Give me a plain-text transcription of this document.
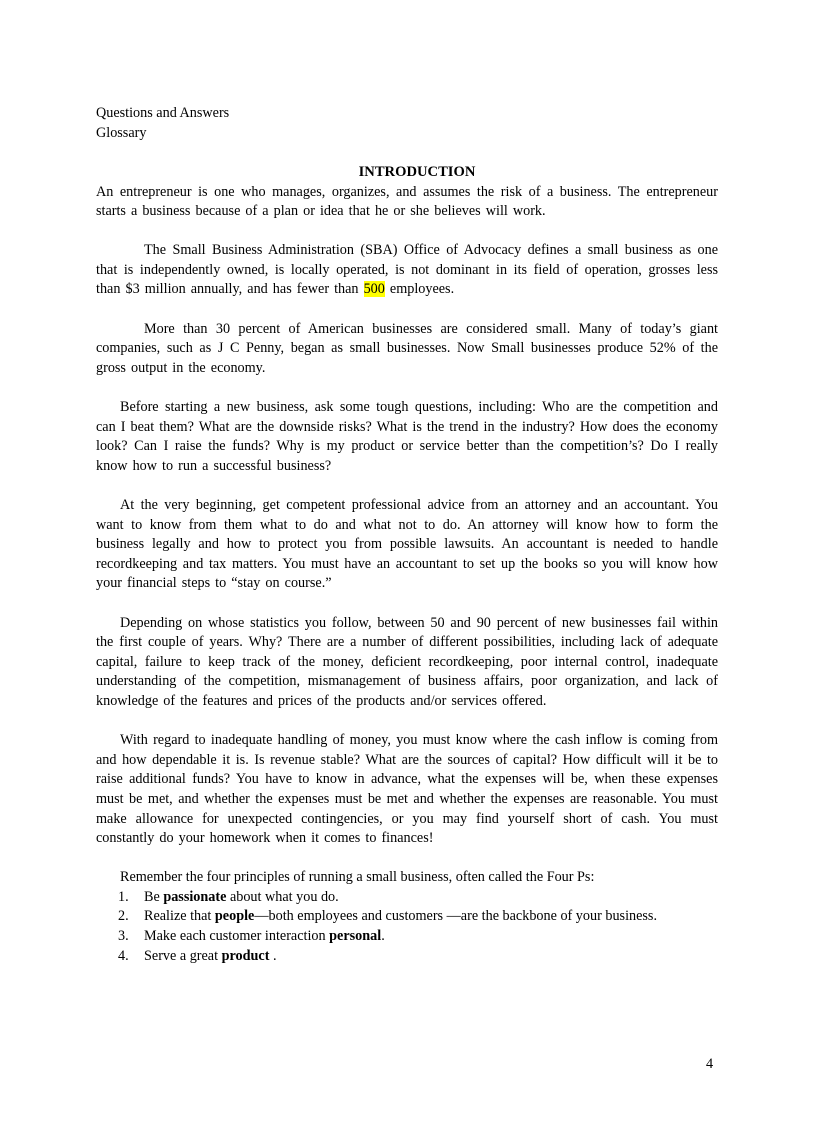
Questions and Answers
Glossary
INTRODUCTION

An entrepreneur is one who manages, organizes, and assumes the risk of a business. The entrepreneur starts a business because of a plan or idea that he or she believes will work.

The Small Business Administration (SBA) Office of Advocacy defines a small business as one that is independently owned, is locally operated, is not dominant in its field of operation, grosses less than $3 million annually, and has fewer than 500 employees.

More than 30 percent of American businesses are considered small. Many of today’s giant companies, such as J C Penny, began as small businesses. Now Small businesses produce 52% of the gross output in the economy.

Before starting a new business, ask some tough questions, including: Who are the competition and can I beat them? What are the downside risks? What is the trend in the industry? How does the economy look? Can I raise the funds? Why is my product or service better than the competition’s? Do I really know how to run a successful business?

At the very beginning, get competent professional advice from an attorney and an accountant. You want to know from them what to do and what not to do. An attorney will know how to form the business legally and how to protect you from possible lawsuits. An accountant is needed to handle recordkeeping and tax matters. You must have an accountant to set up the books so you will know how your financial steps to “stay on course.”

Depending on whose statistics you follow, between 50 and 90 percent of new businesses fail within the first couple of years. Why? There are a number of different possibilities, including lack of adequate capital, failure to keep track of the money, deficient recordkeeping, poor internal control, inadequate understanding of the competition, mismanagement of business affairs, poor organization, and lack of knowledge of the features and prices of the products and/or services offered.

With regard to inadequate handling of money, you must know where the cash inflow is coming from and how dependable it is. Is revenue stable? What are the sources of capital? How difficult will it be to raise additional funds? You have to know in advance, what the expenses will be, when these expenses must be met, and whether the expenses must be met and whether the expenses are reasonable. You must make allowance for unexpected contingencies, or you may find yourself short of cash. You must constantly do your homework when it comes to finances!

Remember the four principles of running a small business, often called the Four Ps:
1. Be passionate about what you do.
2. Realize that people—both employees and customers —are the backbone of your business.
3. Make each customer interaction personal.
4. Serve a great product .
4
